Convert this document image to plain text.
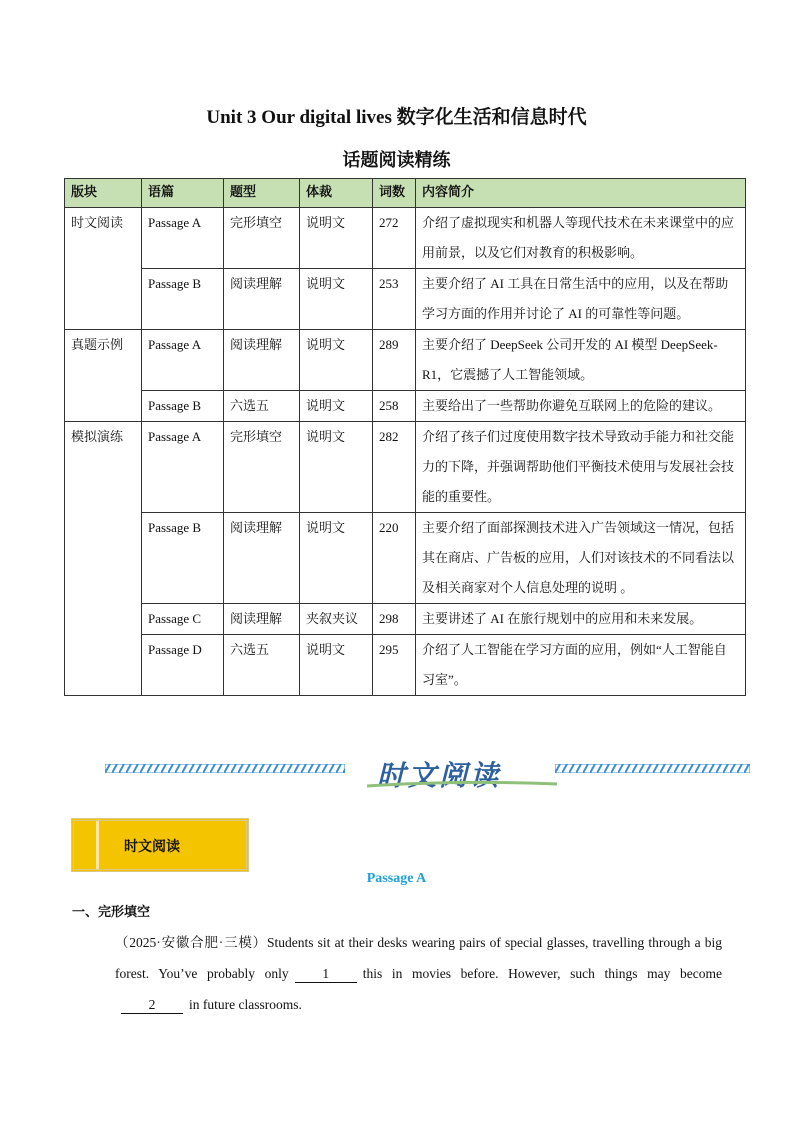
Unit 3 Our digital lives 数字化生活和信息时代
话题阅读精练
版块	语篇	题型	体裁	词数	内容简介
时文阅读	Passage A	完形填空	说明文	272	介绍了虚拟现实和机器人等现代技术在未来课堂中的应用前景，以及它们对教育的积极影响。
	Passage B	阅读理解	说明文	253	主要介绍了 AI 工具在日常生活中的应用，以及在帮助学习方面的作用并讨论了 AI 的可靠性等问题。
真题示例	Passage A	阅读理解	说明文	289	主要介绍了 DeepSeek 公司开发的 AI 模型 DeepSeek-R1，它震撼了人工智能领域。
	Passage B	六选五	说明文	258	主要给出了一些帮助你避免互联网上的危险的建议。
模拟演练	Passage A	完形填空	说明文	282	介绍了孩子们过度使用数字技术导致动手能力和社交能力的下降，并强调帮助他们平衡技术使用与发展社会技能的重要性。
	Passage B	阅读理解	说明文	220	主要介绍了面部探测技术进入广告领域这一情况，包括其在商店、广告板的应用，人们对该技术的不同看法以及相关商家对个人信息处理的说明 。
	Passage C	阅读理解	夹叙夹议	298	主要讲述了 AI 在旅行规划中的应用和未来发展。
	Passage D	六选五	说明文	295	介绍了人工智能在学习方面的应用，例如“人工智能自习室”。
时文阅读
时文阅读
Passage A
一、完形填空
（2025·安徽合肥·三模）Students sit at their desks wearing pairs of special glasses, travelling through a big forest. You’ve probably only 1 this in movies before. However, such things may become2 in future classrooms.
